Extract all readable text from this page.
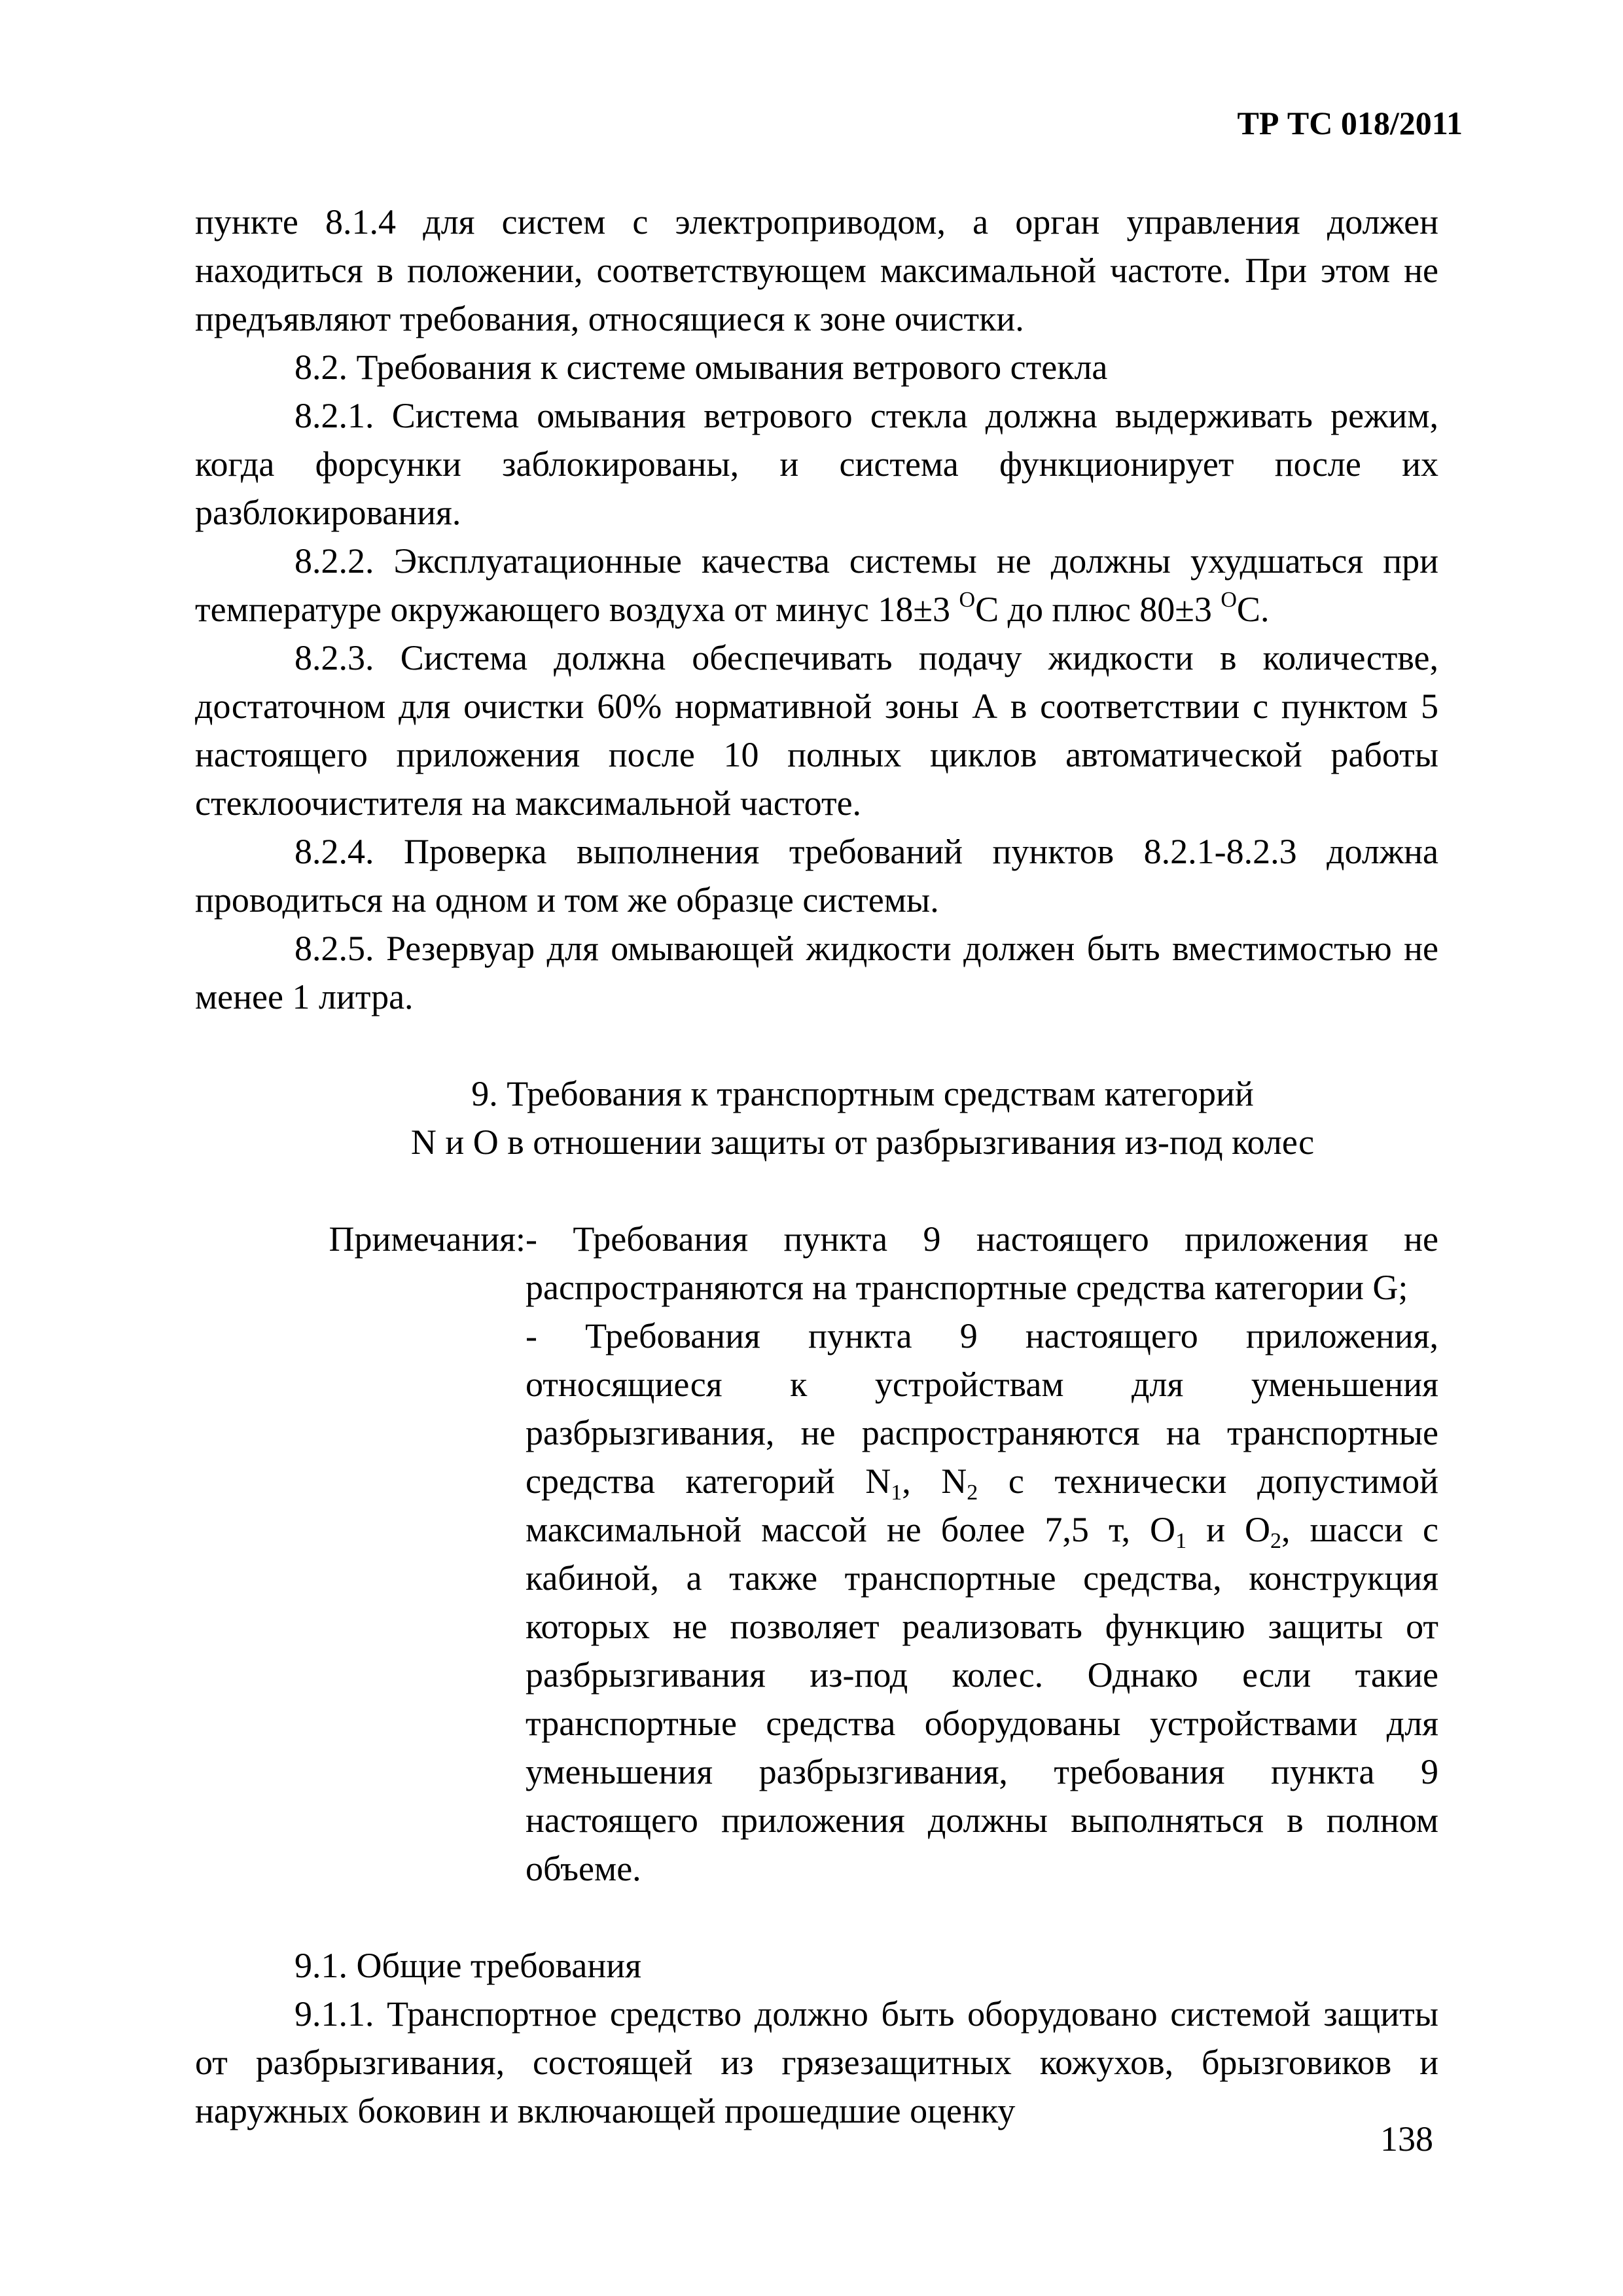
ТР ТС 018/2011

пункте 8.1.4 для систем с электроприводом, а орган управления должен находиться в положении, соответствующем максимальной частоте. При этом не предъявляют требования, относящиеся к зоне очистки.

8.2. Требования к системе омывания ветрового стекла

8.2.1. Система омывания ветрового стекла должна выдерживать режим, когда форсунки заблокированы, и система функционирует после их разблокирования.

8.2.2. Эксплуатационные качества системы не должны ухудшаться при температуре окружающего воздуха от минус 18±3 $^O$C до плюс 80±3 $^O$C.

8.2.3. Система должна обеспечивать подачу жидкости в количестве, достаточном для очистки 60% нормативной зоны А в соответствии с пунктом 5 настоящего приложения после 10 полных циклов автоматической работы стеклоочистителя на максимальной частоте.

8.2.4. Проверка выполнения требований пунктов 8.2.1-8.2.3 должна проводиться на одном и том же образце системы.

8.2.5. Резервуар для омывающей жидкости должен быть вместимостью не менее 1 литра.

9. Требования к транспортным средствам категорий
N и O в отношении защиты от разбрызгивания из-под колес
Примечания: - Требования пункта 9 настоящего приложения не распространяются на транспортные средства категории G;

- Требования пункта 9 настоящего приложения, относящиеся к устройствам для уменьшения разбрызгивания, не распространяются на транспортные средства категорий $N_1$, $N_2$ с технически допустимой максимальной массой не более 7,5 т, $O_1$ и $O_2$, шасси с кабиной, а также транспортные средства, конструкция которых не позволяет реализовать функцию защиты от разбрызгивания из-под колес. Однако если такие транспортные средства оборудованы устройствами для уменьшения разбрызгивания, требования пункта 9 настоящего приложения должны выполняться в полном объеме.

9.1. Общие требования

9.1.1. Транспортное средство должно быть оборудовано системой защиты от разбрызгивания, состоящей из грязезащитных кожухов, брызговиков и наружных боковин и включающей прошедшие оценку

138
